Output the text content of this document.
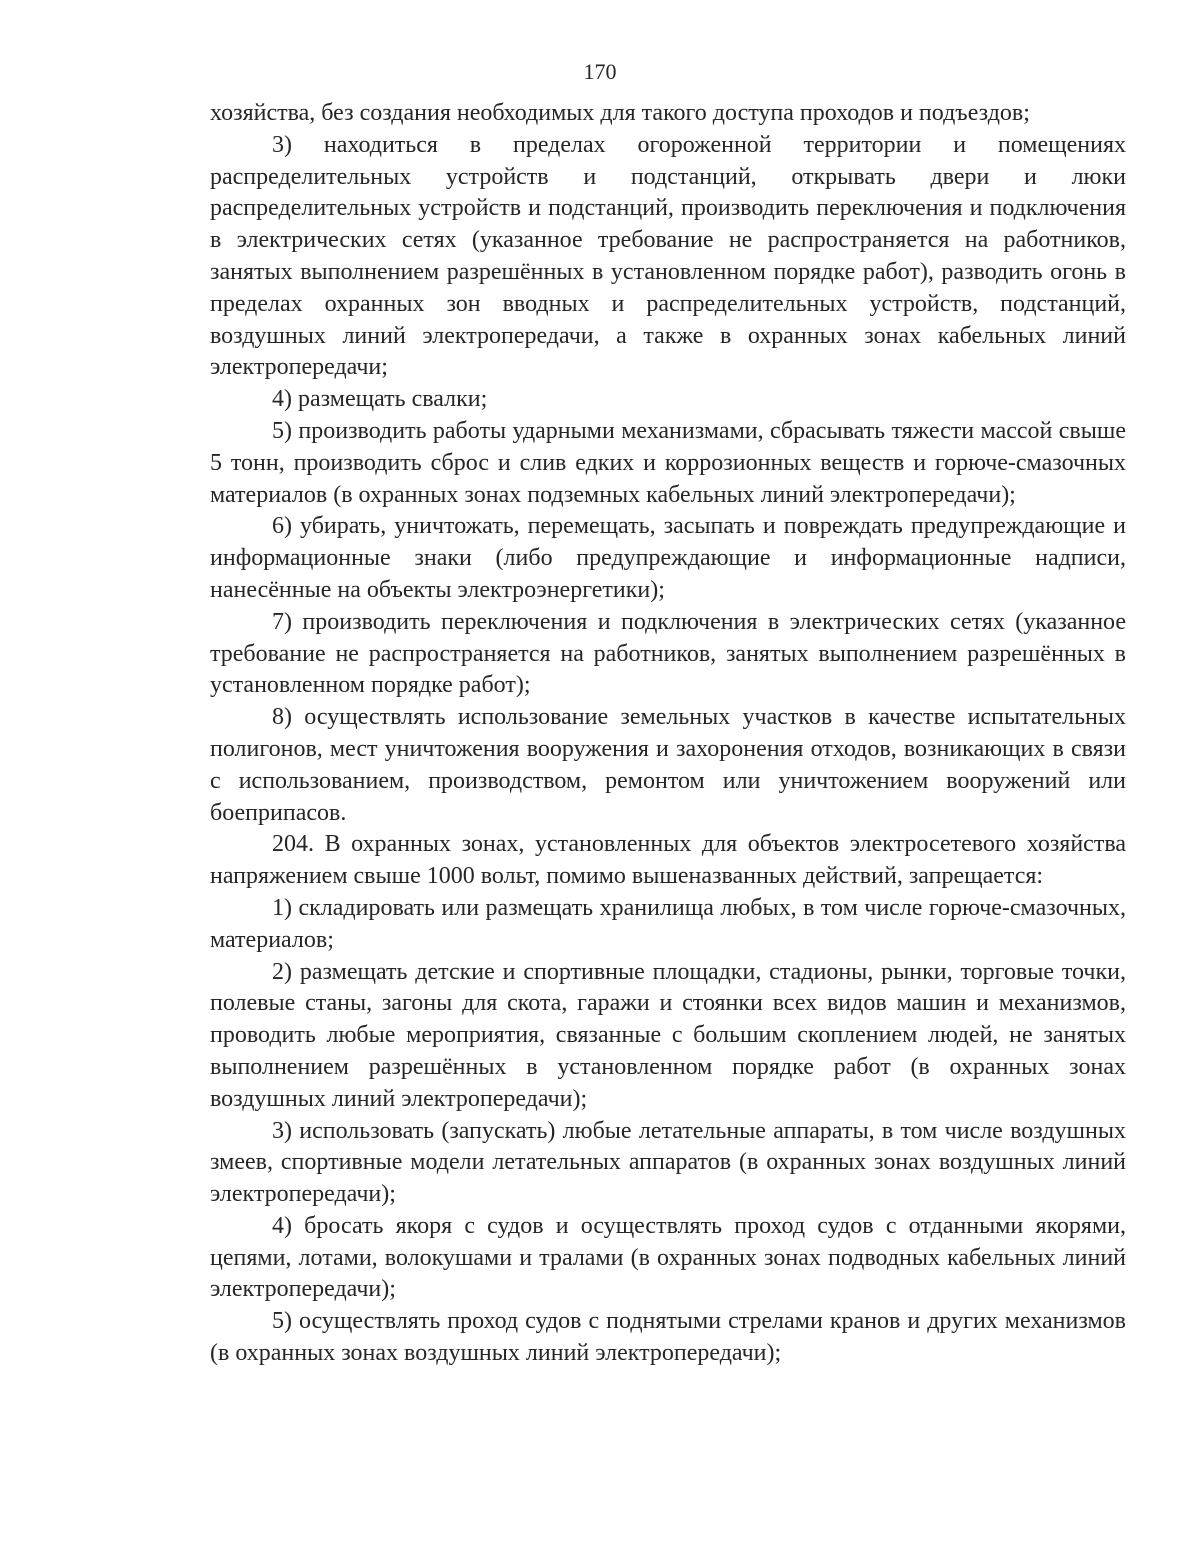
170

хозяйства, без создания необходимых для такого доступа проходов и подъездов;

3) находиться в пределах огороженной территории и помещениях распределительных устройств и подстанций, открывать двери и люки распределительных устройств и подстанций, производить переключения и подключения в электрических сетях (указанное требование не распространяется на работников, занятых выполнением разрешённых в установленном порядке работ), разводить огонь в пределах охранных зон вводных и распределительных устройств, подстанций, воздушных линий электропередачи, а также в охранных зонах кабельных линий электропередачи;

4) размещать свалки;

5) производить работы ударными механизмами, сбрасывать тяжести массой свыше 5 тонн, производить сброс и слив едких и коррозионных веществ и горюче-смазочных материалов (в охранных зонах подземных кабельных линий электропередачи);

6) убирать, уничтожать, перемещать, засыпать и повреждать предупреждающие и информационные знаки (либо предупреждающие и информационные надписи, нанесённые на объекты электроэнергетики);

7) производить переключения и подключения в электрических сетях (указанное требование не распространяется на работников, занятых выполнением разрешённых в установленном порядке работ);

8) осуществлять использование земельных участков в качестве испытательных полигонов, мест уничтожения вооружения и захоронения отходов, возникающих в связи с использованием, производством, ремонтом или уничтожением вооружений или боеприпасов.

204. В охранных зонах, установленных для объектов электросетевого хозяйства напряжением свыше 1000 вольт, помимо вышеназванных действий, запрещается:

1) складировать или размещать хранилища любых, в том числе горюче-смазочных, материалов;

2) размещать детские и спортивные площадки, стадионы, рынки, торговые точки, полевые станы, загоны для скота, гаражи и стоянки всех видов машин и механизмов, проводить любые мероприятия, связанные с большим скоплением людей, не занятых выполнением разрешённых в установленном порядке работ (в охранных зонах воздушных линий электропередачи);

3) использовать (запускать) любые летательные аппараты, в том числе воздушных змеев, спортивные модели летательных аппаратов (в охранных зонах воздушных линий электропередачи);

4) бросать якоря с судов и осуществлять проход судов с отданными якорями, цепями, лотами, волокушами и тралами (в охранных зонах подводных кабельных линий электропередачи);

5) осуществлять проход судов с поднятыми стрелами кранов и других механизмов (в охранных зонах воздушных линий электропередачи);
